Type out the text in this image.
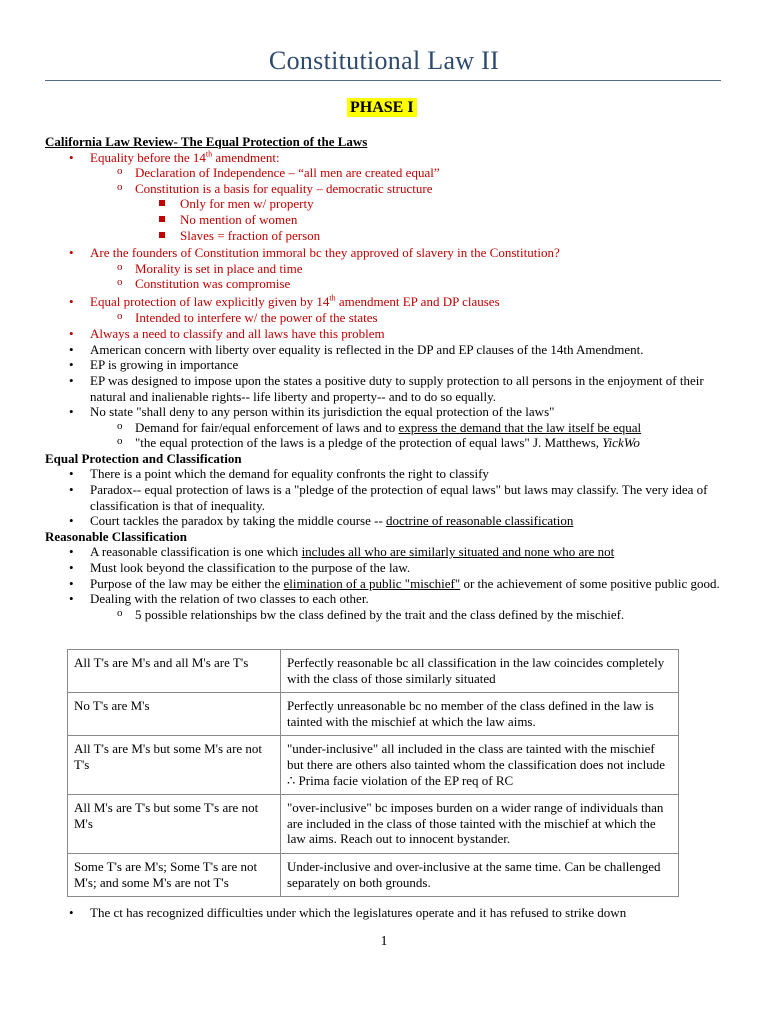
Constitutional Law II
PHASE I

California Law Review- The Equal Protection of the Laws

• Equality before the 14th amendment:
o Declaration of Independence – “all men are created equal”
o Constitution is a basis for equality – democratic structure
Only for men w/ property
No mention of women
Slaves = fraction of person
• Are the founders of Constitution immoral bc they approved of slavery in the Constitution?
o Morality is set in place and time
o Constitution was compromise
• Equal protection of law explicitly given by 14th amendment EP and DP clauses
o Intended to interfere w/ the power of the states
• Always a need to classify and all laws have this problem
• American concern with liberty over equality is reflected in the DP and EP clauses of the 14th Amendment.
• EP is growing in importance
• EP was designed to impose upon the states a positive duty to supply protection to all persons in the enjoyment of their natural and inalienable rights-- life liberty and property-- and to do so equally.
• No state "shall deny to any person within its jurisdiction the equal protection of the laws"
o Demand for fair/equal enforcement of laws and to express the demand that the law itself be equal
o "the equal protection of the laws is a pledge of the protection of equal laws" J. Matthews, YickWo

Equal Protection and Classification

• There is a point which the demand for equality confronts the right to classify
• Paradox-- equal protection of laws is a "pledge of the protection of equal laws" but laws may classify. The very idea of classification is that of inequality.
• Court tackles the paradox by taking the middle course -- doctrine of reasonable classification

Reasonable Classification

• A reasonable classification is one which includes all who are similarly situated and none who are not
• Must look beyond the classification to the purpose of the law.
• Purpose of the law may be either the elimination of a public "mischief" or the achievement of some positive public good.
• Dealing with the relation of two classes to each other.
o 5 possible relationships bw the class defined by the trait and the class defined by the mischief.
All T's are M's and all M's are T's	Perfectly reasonable bc all classification in the law coincides completely with the class of those similarly situated
No T's are M's	Perfectly unreasonable bc no member of the class defined in the law is tainted with the mischief at which the law aims.
All T's are M's but some M's are not T's	"under-inclusive" all included in the class are tainted with the mischief but there are others also tainted whom the classification does not include ∴ Prima facie violation of the EP req of RC
All M's are T's but some T's are not M's	"over-inclusive" bc imposes burden on a wider range of individuals than are included in the class of those tainted with the mischief at which the law aims. Reach out to innocent bystander.
Some T's are M's; Some T's are not M's; and some M's are not T's	Under-inclusive and over-inclusive at the same time. Can be challenged separately on both grounds.
• The ct has recognized difficulties under which the legislatures operate and it has refused to strike down
1
